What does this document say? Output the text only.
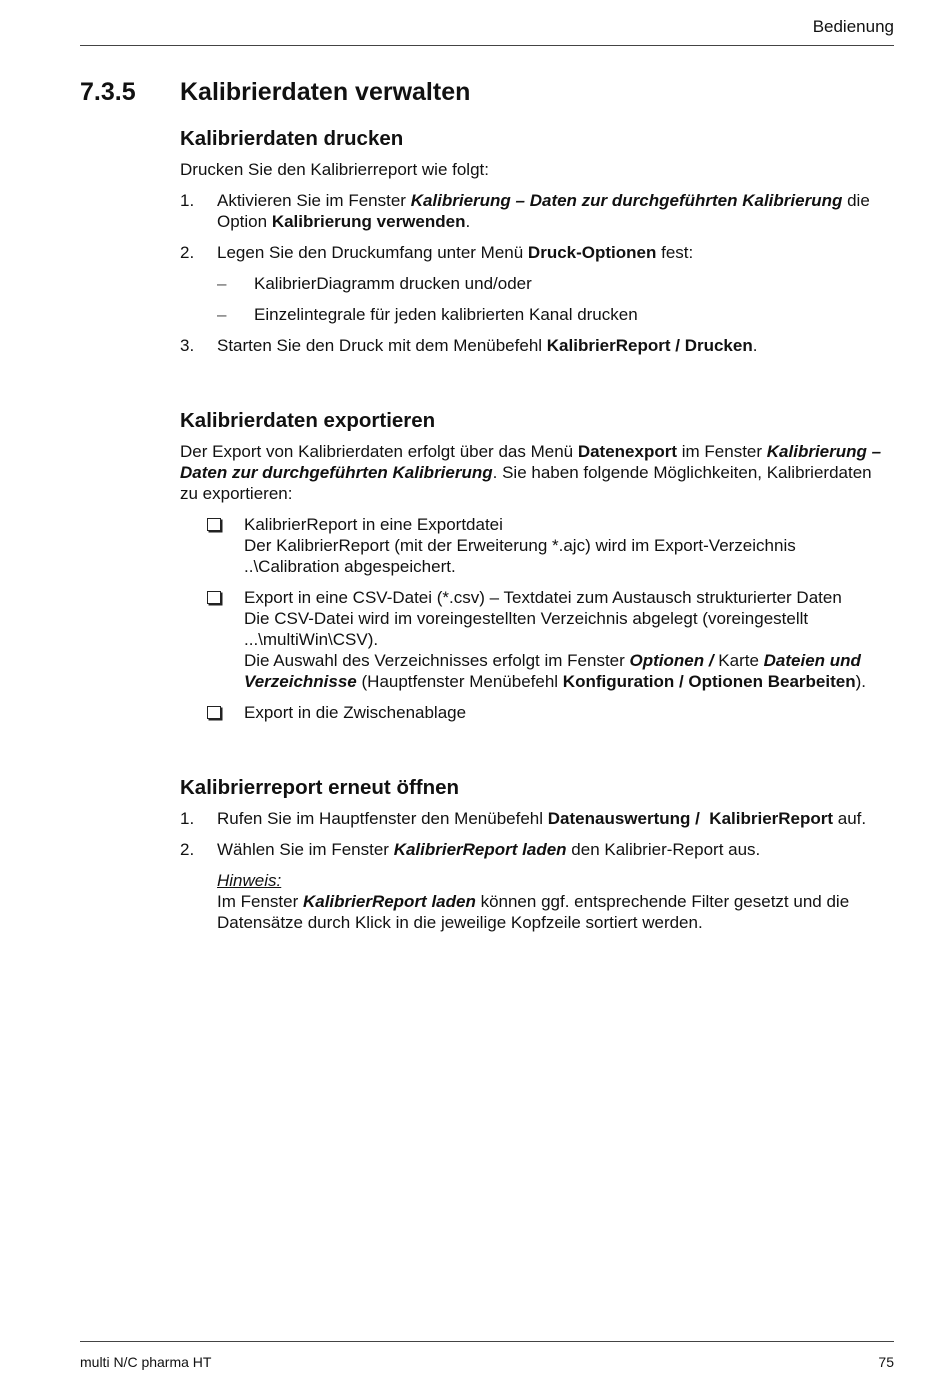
Bedienung
7.3.5	Kalibrierdaten verwalten
Kalibrierdaten drucken

Drucken Sie den Kalibrierreport wie folgt:

1.	Aktivieren Sie im Fenster Kalibrierung – Daten zur durchgeführten Kalibrierung die Option Kalibrierung verwenden.
2.	Legen Sie den Druckumfang unter Menü Druck-Optionen fest:
–	KalibrierDiagramm drucken und/oder
–	Einzelintegrale für jeden kalibrierten Kanal drucken
3.	Starten Sie den Druck mit dem Menübefehl KalibrierReport / Drucken.
Kalibrierdaten exportieren

Der Export von Kalibrierdaten erfolgt über das Menü Datenexport im Fenster Kalibrierung – Daten zur durchgeführten Kalibrierung. Sie haben folgende Möglichkeiten, Kalibrierdaten zu exportieren:

KalibrierReport in eine Exportdatei
Der KalibrierReport (mit der Erweiterung *.ajc) wird im Export-Verzeichnis ..\Calibration abgespeichert.
Export in eine CSV-Datei (*.csv) – Textdatei zum Austausch strukturierter Daten
Die CSV-Datei wird im voreingestellten Verzeichnis abgelegt (voreingestellt ...\multiWin\CSV).
Die Auswahl des Verzeichnisses erfolgt im Fenster Optionen / Karte Dateien und Verzeichnisse (Hauptfenster Menübefehl Konfiguration / Optionen Bearbeiten).
Export in die Zwischenablage
Kalibrierreport erneut öffnen
1.	Rufen Sie im Hauptfenster den Menübefehl Datenauswertung /  KalibrierReport auf.
2.	Wählen Sie im Fenster KalibrierReport laden den Kalibrier-Report aus.
Hinweis:
Im Fenster KalibrierReport laden können ggf. entsprechende Filter gesetzt und die Datensätze durch Klick in die jeweilige Kopfzeile sortiert werden.
multi N/C pharma HT	75
